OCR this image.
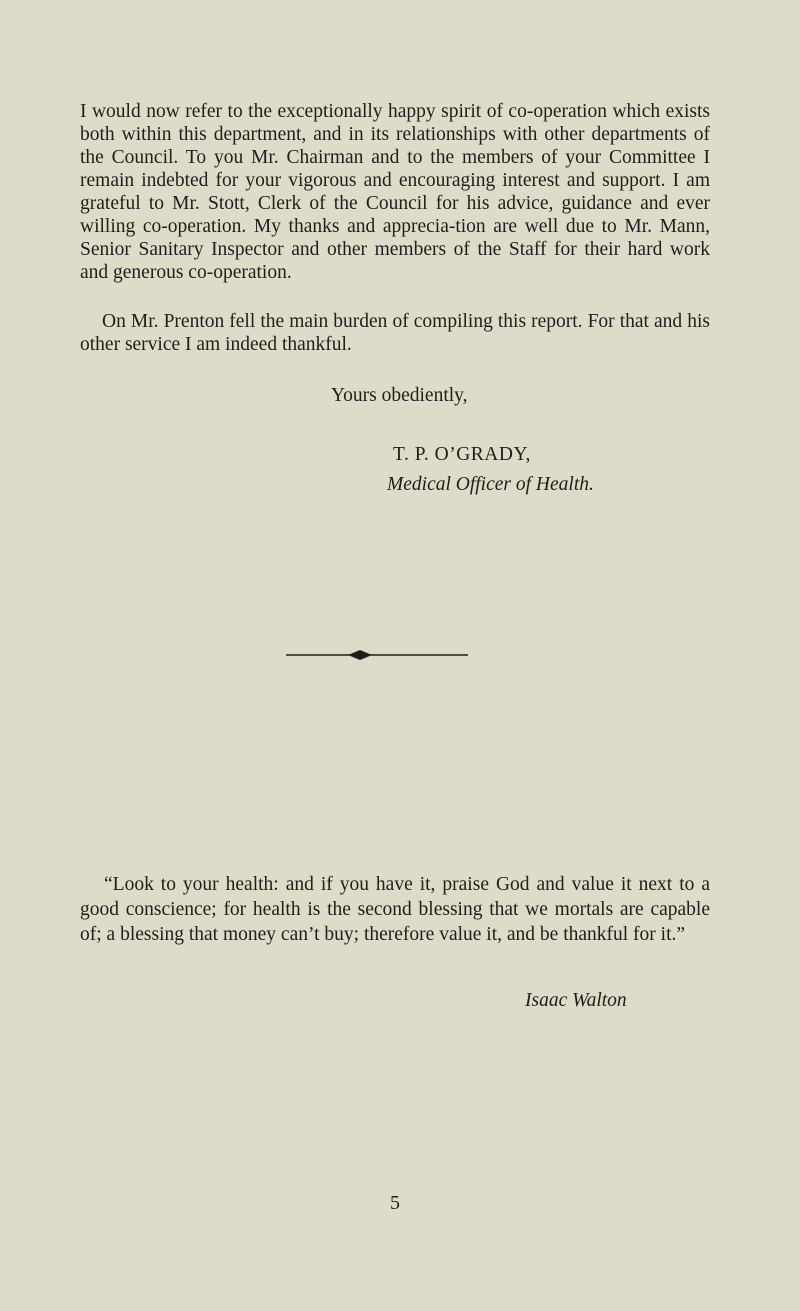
I would now refer to the exceptionally happy spirit of co-operation which exists both within this department, and in its relationships with other departments of the Council. To you Mr. Chairman and to the members of your Committee I remain indebted for your vigorous and encouraging interest and support. I am grateful to Mr. Stott, Clerk of the Council for his advice, guidance and ever willing co-operation. My thanks and apprecia-tion are well due to Mr. Mann, Senior Sanitary Inspector and other members of the Staff for their hard work and generous co-operation.

On Mr. Prenton fell the main burden of compiling this report. For that and his other service I am indeed thankful.

Yours obediently,
T. P. O’GRADY,
Medical Officer of Health.

“Look to your health: and if you have it, praise God and value it next to a good conscience; for health is the second blessing that we mortals are capable of; a blessing that money can’t buy; therefore value it, and be thankful for it.”

Isaac Walton
5
